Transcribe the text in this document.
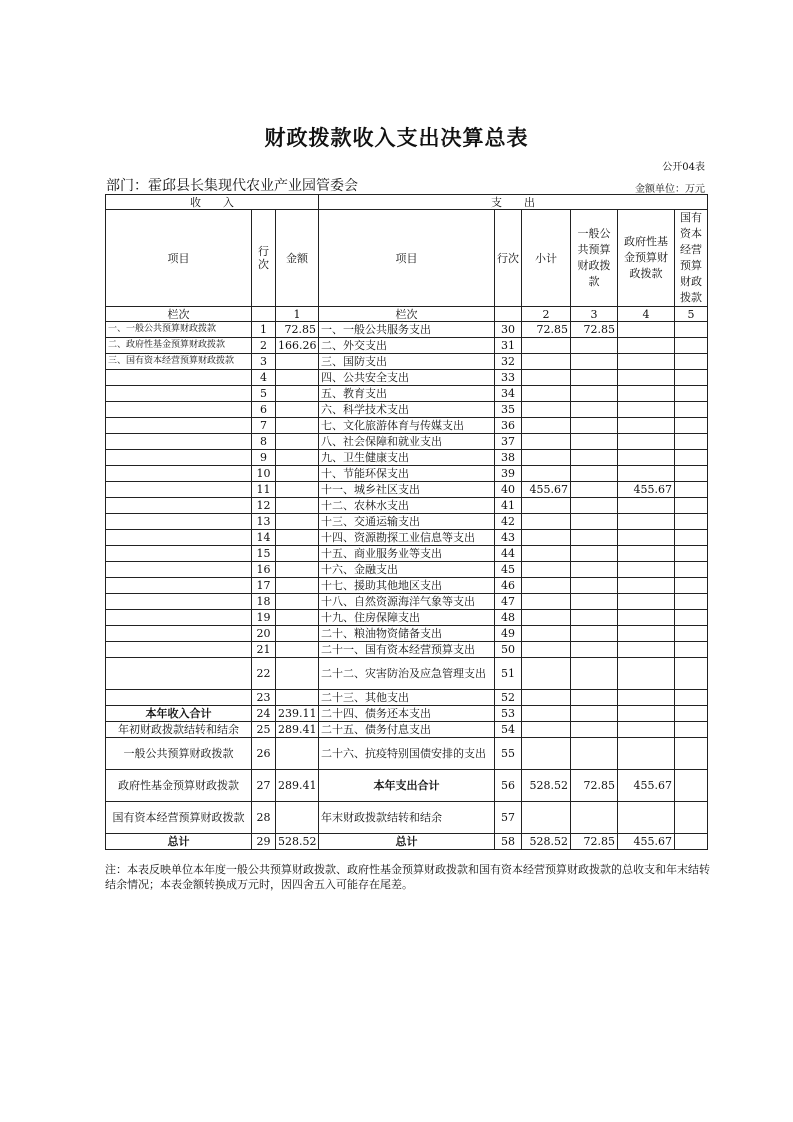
财政拨款收入支出决算总表
公开04表
部门：霍邱县长集现代农业产业园管委会	金额单位：万元
收　　入			支　　出					
项目	行次	金额	项目	行次	小计	一般公共预算财政拨款	政府性基金预算财政拨款	国有资本经营预算财政拨款
栏次		1	栏次		2	3	4	5
一、一般公共预算财政拨款	1	72.85	一、一般公共服务支出	30	72.85	72.85		
二、政府性基金预算财政拨款	2	166.26	二、外交支出	31				
三、国有资本经营预算财政拨款	3		三、国防支出	32				
	4		四、公共安全支出	33				
	5		五、教育支出	34				
	6		六、科学技术支出	35				
	7		七、文化旅游体育与传媒支出	36				
	8		八、社会保障和就业支出	37				
	9		九、卫生健康支出	38				
	10		十、节能环保支出	39				
	11		十一、城乡社区支出	40	455.67		455.67	
	12		十二、农林水支出	41				
	13		十三、交通运输支出	42				
	14		十四、资源勘探工业信息等支出	43				
	15		十五、商业服务业等支出	44				
	16		十六、金融支出	45				
	17		十七、援助其他地区支出	46				
	18		十八、自然资源海洋气象等支出	47				
	19		十九、住房保障支出	48				
	20		二十、粮油物资储备支出	49				
	21		二十一、国有资本经营预算支出	50				
	22		二十二、灾害防治及应急管理支出	51				
	23		二十三、其他支出	52				
本年收入合计	24	239.11	二十四、债务还本支出	53				
年初财政拨款结转和结余	25	289.41	二十五、债务付息支出	54				
一般公共预算财政拨款	26		二十六、抗疫特别国债安排的支出	55				
政府性基金预算财政拨款	27	289.41	本年支出合计	56	528.52	72.85	455.67	
国有资本经营预算财政拨款	28		年末财政拨款结转和结余	57				
总计	29	528.52	总计	58	528.52	72.85	455.67	
注：本表反映单位本年度一般公共预算财政拨款、政府性基金预算财政拨款和国有资本经营预算财政拨款的总收支和年末结转结余情况；本表金额转换成万元时，因四舍五入可能存在尾差。
